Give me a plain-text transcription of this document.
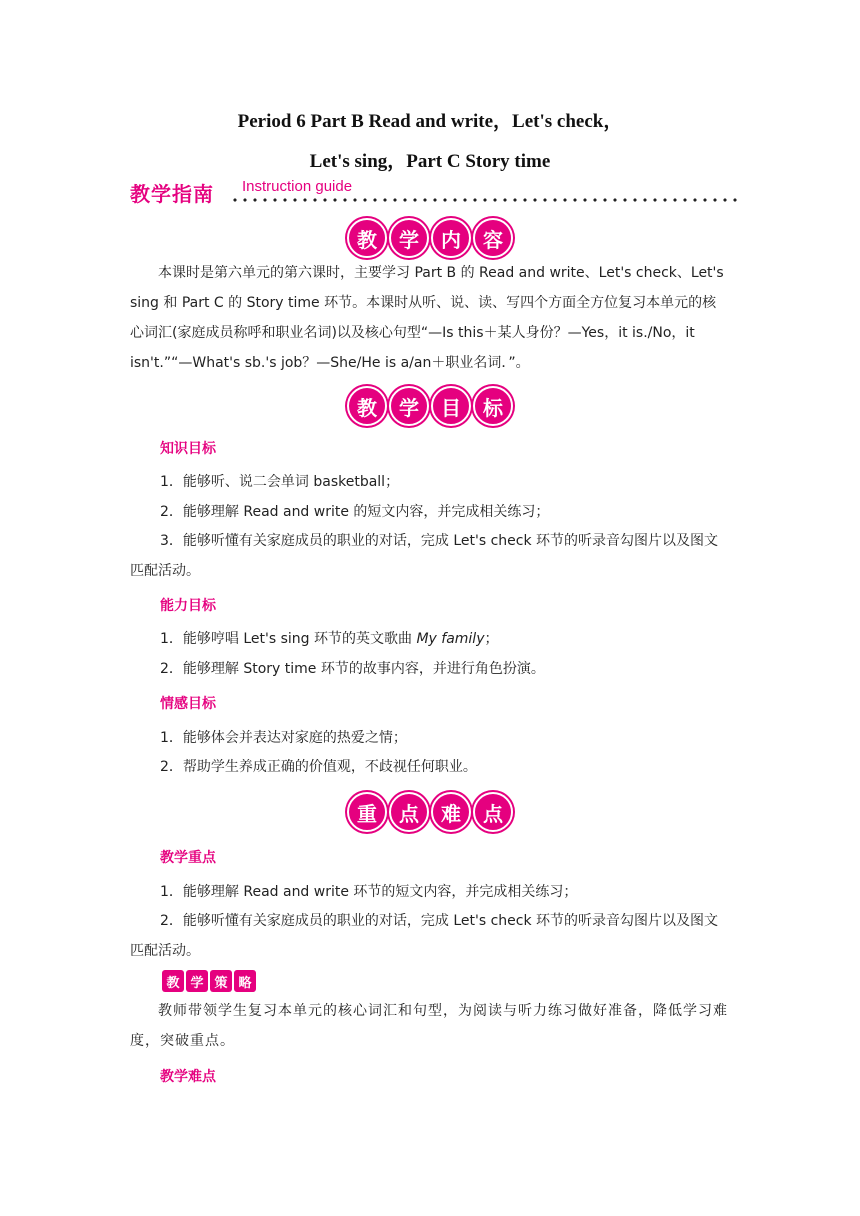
Period 6 Part B Read and write，Let's check，
Let's sing，Part C Story time
教学指南 Instruction guide
教	学	内	容
本课时是第六单元的第六课时，主要学习 Part B 的 Read and write、Let's check、Let's sing 和 Part C 的 Story time 环节。本课时从听、说、读、写四个方面全方位复习本单元的核心词汇(家庭成员称呼和职业名词)以及核心句型“—Is this＋某人身份？—Yes，it is./No，it isn't.”“—What's sb.'s job？—She/He is a/an＋职业名词．”。
教	学	目	标
知识目标
1．能够听、说二会单词 basketball；
2．能够理解 Read and write 的短文内容，并完成相关练习；
3．能够听懂有关家庭成员的职业的对话，完成 Let's check 环节的听录音勾图片以及图文匹配活动。
能力目标
1．能够哼唱 Let's sing 环节的英文歌曲 My family；
2．能够理解 Story time 环节的故事内容，并进行角色扮演。
情感目标
1．能够体会并表达对家庭的热爱之情；
2．帮助学生养成正确的价值观，不歧视任何职业。
重	点	难	点
教学重点
1．能够理解 Read and write 环节的短文内容，并完成相关练习；
2．能够听懂有关家庭成员的职业的对话，完成 Let's check 环节的听录音勾图片以及图文匹配活动。
教 学 策 略
教师带领学生复习本单元的核心词汇和句型，为阅读与听力练习做好准备，降低学习难度，突破重点。
教学难点
